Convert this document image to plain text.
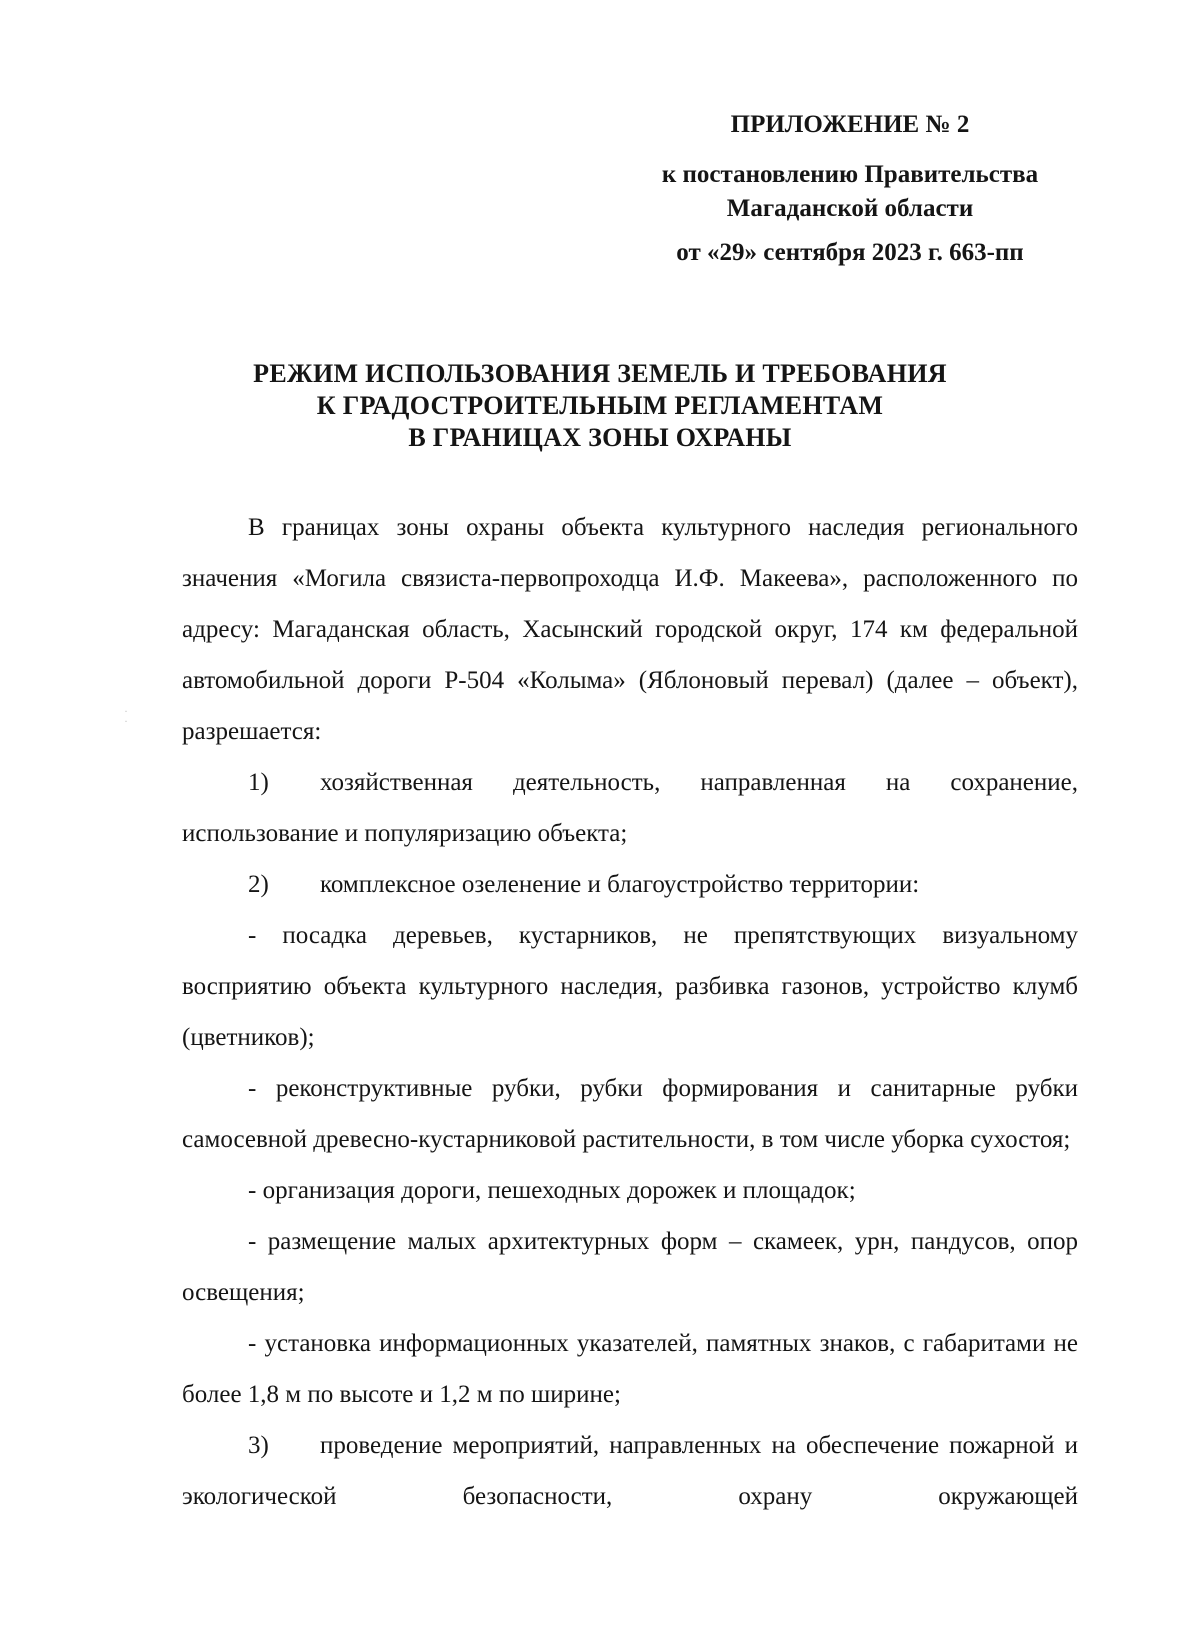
ПРИЛОЖЕНИЕ № 2
к постановлению Правительства
Магаданской области
от «29» сентября 2023 г. 663-пп
РЕЖИМ ИСПОЛЬЗОВАНИЯ ЗЕМЕЛЬ И ТРЕБОВАНИЯ
К ГРАДОСТРОИТЕЛЬНЫМ РЕГЛАМЕНТАМ
В ГРАНИЦАХ ЗОНЫ ОХРАНЫ
·
·

В границах зоны охраны объекта культурного наследия регионального значения «Могила связиста-первопроходца И.Ф. Макеева», расположенного по адресу: Магаданская область, Хасынский городской округ, 174 км федеральной автомобильной дороги Р-504 «Колыма» (Яблоновый перевал) (далее – объект), разрешается:

1) хозяйственная деятельность, направленная на сохранение, использование и популяризацию объекта;

2) комплексное озеленение и благоустройство территории:

- посадка деревьев, кустарников, не препятствующих визуальному восприятию объекта культурного наследия, разбивка газонов, устройство клумб (цветников);

- реконструктивные рубки, рубки формирования и санитарные рубки самосевной древесно-кустарниковой растительности, в том числе уборка сухостоя;

- организация дороги, пешеходных дорожек и площадок;

- размещение малых архитектурных форм – скамеек, урн, пандусов, опор освещения;

- установка информационных указателей, памятных знаков, с габаритами не более 1,8 м по высоте и 1,2 м по ширине;

3) проведение мероприятий, направленных на обеспечение пожарной и экологической безопасности, охрану окружающей
